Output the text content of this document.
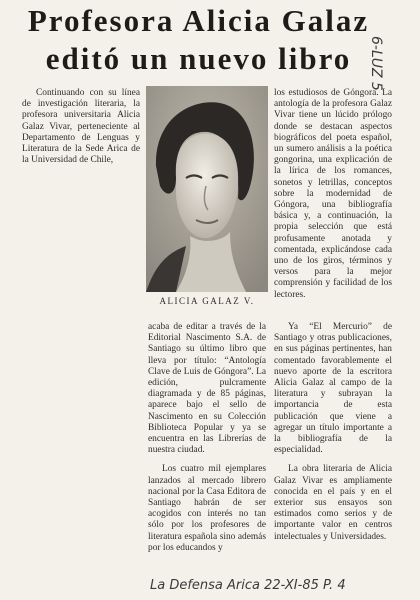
Profesora Alicia Galaz
editó un nuevo libro	6-LUZ 5

Continuando con su línea de investigación literaria, la profesora universitaria Alicia Galaz Vivar, perteneciente al Departamento de Lenguas y Literatura de la Sede Arica de la Universidad de Chile,

ALICIA GALAZ V.

los estudiosos de Góngora. La antología de la profesora Galaz Vivar tiene un lúcido prólogo donde se destacan aspectos biográficos del poeta español, un sumero análisis a la poética gongorina, una explicación de la lírica de los romances, sonetos y letrillas, conceptos sobre la modernidad de Góngora, una bibliografía básica y, a continuación, la propia selección que está profusamente anotada y comentada, explicándose cada uno de los giros, términos y versos para la mejor comprensión y facilidad de los lectores.

acaba de editar a través de la Editorial Nascimento S.A. de Santiago su último libro que lleva por título: “Antología Clave de Luis de Góngora”. La edición, pulcramente diagramada y de 85 páginas, aparece bajo el sello de Nascimento en su Colección Biblioteca Popular y ya se encuentra en las Librerías de nuestra ciudad.

Los cuatro mil ejemplares lanzados al mercado librero nacional por la Casa Editora de Santiago habrán de ser acogidos con interés no tan sólo por los profesores de literatura española sino además por los educandos y

Ya “El Mercurio” de Santiago y otras publicaciones, en sus páginas pertinentes, han comentado favorablemente el nuevo aporte de la escritora Alicia Galaz al campo de la literatura y subrayan la importancia de esta publicación que viene a agregar un título importante a la bibliografía de la especialidad.

La obra literaria de Alicia Galaz Vivar es ampliamente conocida en el país y en el exterior sus ensayos son estimados como serios y de importante valor en centros intelectuales y Universidades.

La Defensa Arica 22-XI-85 P. 4
